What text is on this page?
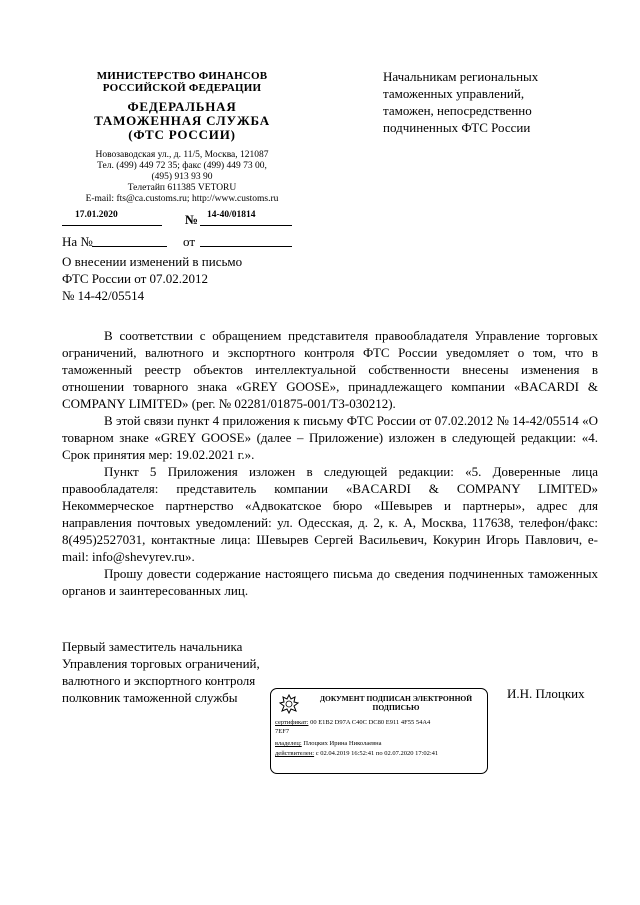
МИНИСТЕРСТВО ФИНАНСОВ
РОССИЙСКОЙ ФЕДЕРАЦИИ
ФЕДЕРАЛЬНАЯ
ТАМОЖЕННАЯ СЛУЖБА
(ФТС РОССИИ)
Новозаводская ул., д. 11/5, Москва, 121087
Тел. (499) 449 72 35; факс (499) 449 73 00,
(495) 913 93 90
Телетайп 611385 VETORU
E-mail: fts@ca.customs.ru; http://www.customs.ru
17.01.2020	№ 14-40/01814
На №	от
О внесении изменений в письмо
ФТС России от 07.02.2012
№ 14-42/05514
Начальникам региональных
таможенных управлений,
таможен, непосредственно
подчиненных ФТС России

В соответствии с обращением представителя правообладателя Управление торговых ограничений, валютного и экспортного контроля ФТС России уведомляет о том, что в таможенный реестр объектов интеллектуальной собственности внесены изменения в отношении товарного знака «GREY GOOSE», принадлежащего компании «BACARDI & COMPANY LIMITED» (рег. № 02281/01875-001/ТЗ-030212).

В этой связи пункт 4 приложения к письму ФТС России от 07.02.2012 № 14-42/05514 «О товарном знаке «GREY GOOSE» (далее – Приложение) изложен в следующей редакции: «4. Срок принятия мер: 19.02.2021 г.».

Пункт 5 Приложения изложен в следующей редакции: «5. Доверенные лица правообладателя: представитель компании «BACARDI & COMPANY LIMITED» Некоммерческое партнерство «Адвокатское бюро «Шевырев и партнеры», адрес для направления почтовых уведомлений: ул. Одесская, д. 2, к. А, Москва, 117638, телефон/факс: 8(495)2527031, контактные лица: Шевырев Сергей Васильевич, Кокурин Игорь Павлович, e-mail: info@shevyrev.ru».

Прошу довести содержание настоящего письма до сведения подчиненных таможенных органов и заинтересованных лиц.

Первый заместитель начальника
Управления торговых ограничений,
валютного и экспортного контроля
полковник таможенной службы	И.Н. Плоцких
ДОКУМЕНТ ПОДПИСАН ЭЛЕКТРОННОЙ
ПОДПИСЬЮ
сертификат: 00 E1B2 D97A C40C DC80 E911 4F55 54A4
7EF7
владелец: Плоцких Ирина Николаевна
действителен: с 02.04.2019 16:52:41 по 02.07.2020 17:02:41
